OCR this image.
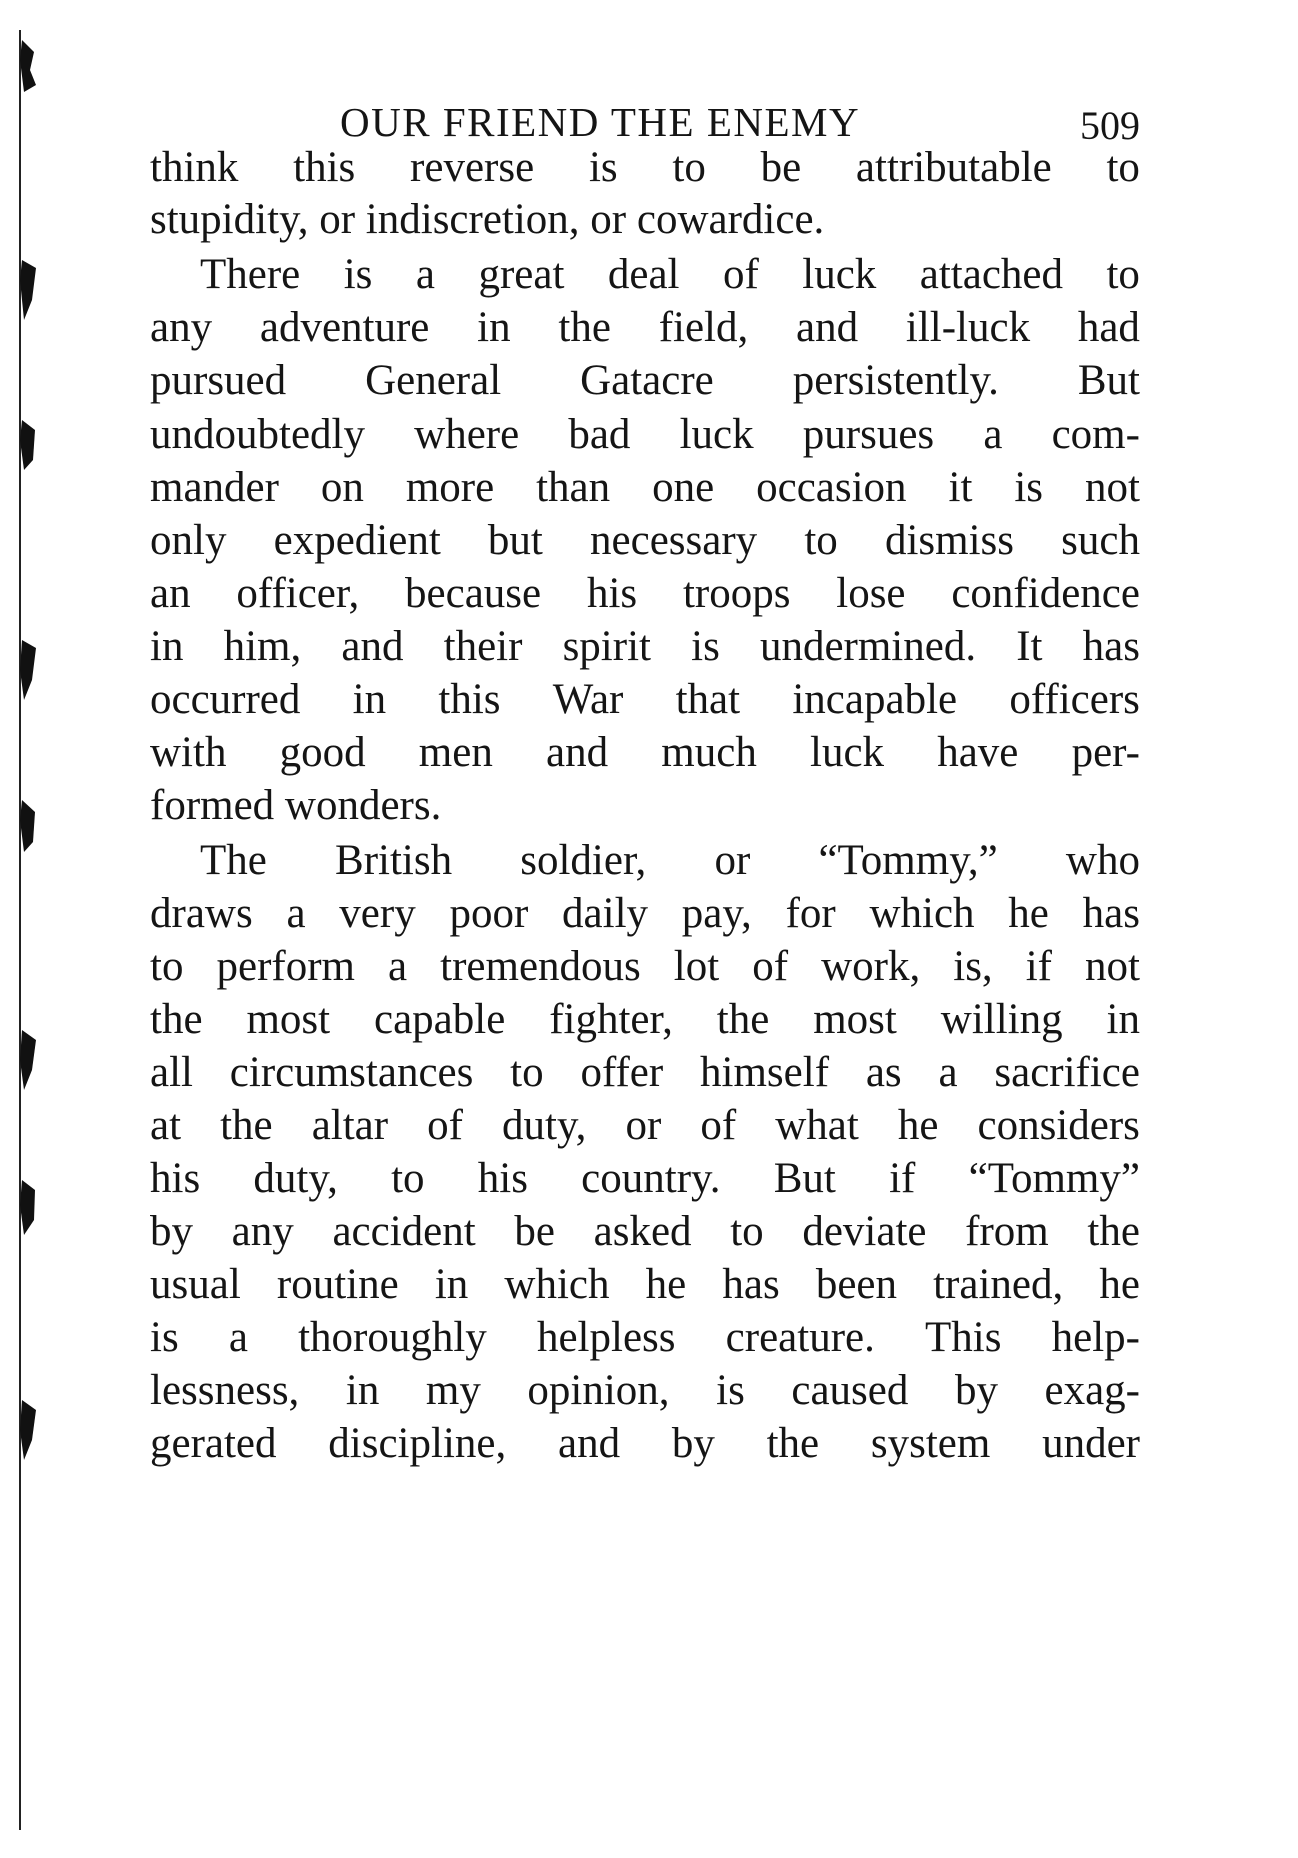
OUR FRIEND THE ENEMY	509
think this reverse is to be attributable to
stupidity, or indiscretion, or cowardice.
There is a great deal of luck attached to
any adventure in the field, and ill-luck had
pursued General Gatacre persistently. But
undoubtedly where bad luck pursues a com-
mander on more than one occasion it is not
only expedient but necessary to dismiss such
an officer, because his troops lose confidence
in him, and their spirit is undermined. It has
occurred in this War that incapable officers
with good men and much luck have per-
formed wonders.
The British soldier, or “Tommy,” who
draws a very poor daily pay, for which he has
to perform a tremendous lot of work, is, if not
the most capable fighter, the most willing in
all circumstances to offer himself as a sacrifice
at the altar of duty, or of what he considers
his duty, to his country. But if “Tommy”
by any accident be asked to deviate from the
usual routine in which he has been trained, he
is a thoroughly helpless creature. This help-
lessness, in my opinion, is caused by exag-
gerated discipline, and by the system under
